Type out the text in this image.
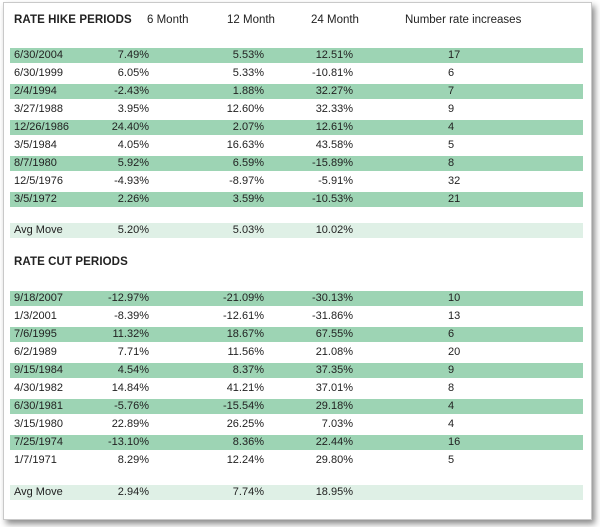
RATE HIKE PERIODS 6 Month	12 Month	24 Month	Number rate increases
6/30/2004	7.49%	5.53%	12.51%	17
6/30/1999	6.05%	5.33%	-10.81%	6
2/4/1994	-2.43%	1.88%	32.27%	7
3/27/1988	3.95%	12.60%	32.33%	9
12/26/1986	24.40%	2.07%	12.61%	4
3/5/1984	4.05%	16.63%	43.58%	5
8/7/1980	5.92%	6.59%	-15.89%	8
12/5/1976	-4.93%	-8.97%	-5.91%	32
3/5/1972	2.26%	3.59%	-10.53%	21
Avg Move	5.20%	5.03%	10.02%
RATE CUT PERIODS
9/18/2007	-12.97%	-21.09%	-30.13%	10
1/3/2001	-8.39%	-12.61%	-31.86%	13
7/6/1995	11.32%	18.67%	67.55%	6
6/2/1989	7.71%	11.56%	21.08%	20
9/15/1984	4.54%	8.37%	37.35%	9
4/30/1982	14.84%	41.21%	37.01%	8
6/30/1981	-5.76%	-15.54%	29.18%	4
3/15/1980	22.89%	26.25%	7.03%	4
7/25/1974	-13.10%	8.36%	22.44%	16
1/7/1971	8.29%	12.24%	29.80%	5
Avg Move	2.94%	7.74%	18.95%
